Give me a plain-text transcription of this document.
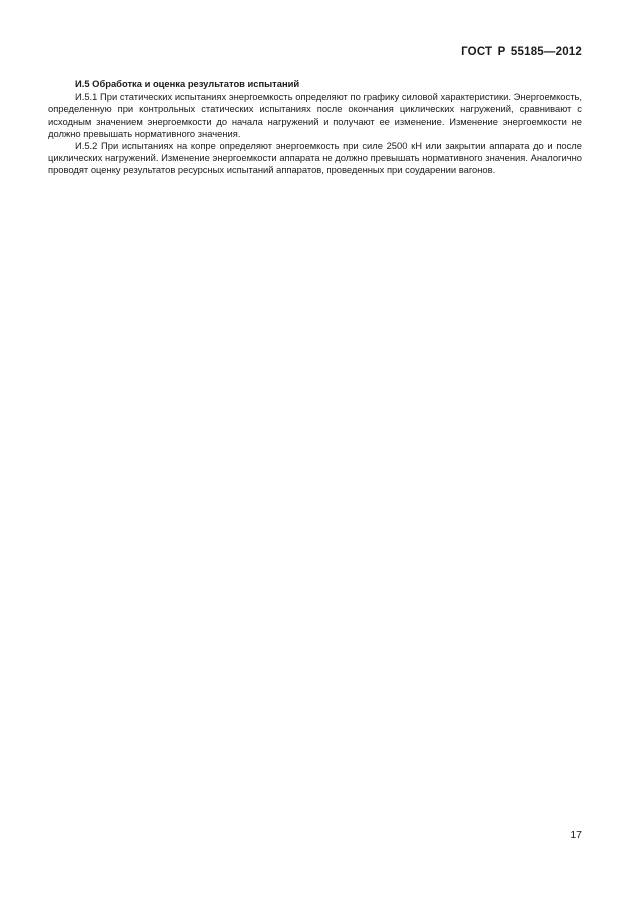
ГОСТ Р 55185—2012

И.5 Обработка и оценка результатов испытаний

И.5.1 При статических испытаниях энергоемкость определяют по графику силовой характеристики. Энергоемкость, определенную при контрольных статических испытаниях после окончания циклических нагружений, сравнивают с исходным значением энергоемкости до начала нагружений и получают ее изменение. Изменение энергоемкости не должно превышать нормативного значения.

И.5.2 При испытаниях на копре определяют энергоемкость при силе 2500 кН или закрытии аппарата до и после циклических нагружений. Изменение энергоемкости аппарата не должно превышать нормативного значения. Аналогично проводят оценку результатов ресурсных испытаний аппаратов, проведенных при соударении вагонов.

17
